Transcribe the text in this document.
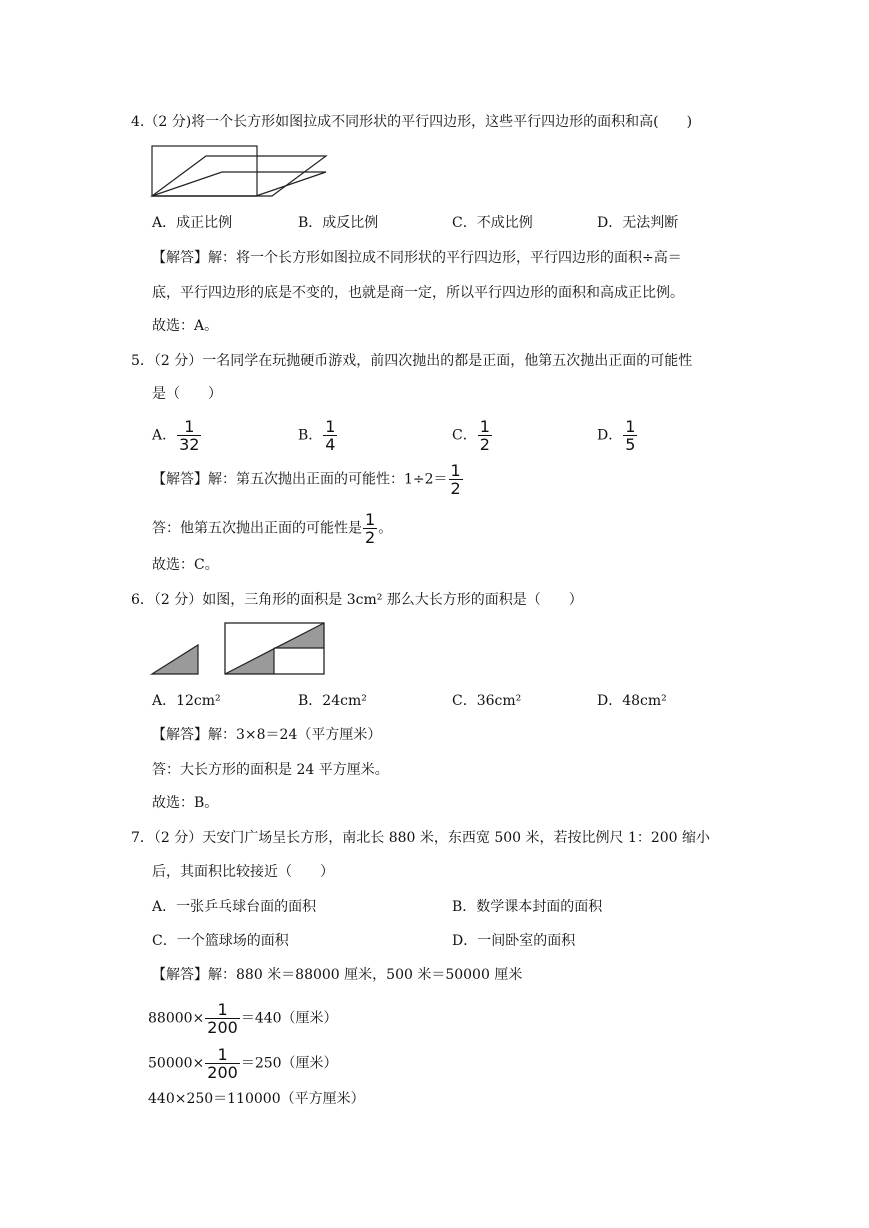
4.（2 分)将一个长方形如图拉成不同形状的平行四边形，这些平行四边形的面积和高(　　)
A．成正比例	B．成反比例	C．不成比例	D．无法判断
【解答】解：将一个长方形如图拉成不同形状的平行四边形，平行四边形的面积÷高＝
底，平行四边形的底是不变的，也就是商一定，所以平行四边形的面积和高成正比例。
故选：A。
5．（2 分）一名同学在玩抛硬币游戏，前四次抛出的都是正面，他第五次抛出正面的可能性
是（　　）
A． $\frac{1}{32}$	B． $\frac{1}{4}$	C． $\frac{1}{2}$	D． $\frac{1}{5}$
【解答】解：第五次抛出正面的可能性：$1\div 2= \frac{1}{2}$
答：他第五次抛出正面的可能性是 $\frac{1}{2}$ 。
故选：C。
6．（2 分）如图，三角形的面积是 3cm² 那么大长方形的面积是（　　）
A．12cm²	B．24cm²	C．36cm²	D．48cm²
【解答】解：3×8＝24（平方厘米）
答：大长方形的面积是 24 平方厘米。
故选：B。
7．（2 分）天安门广场呈长方形，南北长 880 米，东西宽 500 米，若按比例尺 1：200 缩小
后，其面积比较接近（　　）
A．一张乒乓球台面的面积	B．数学课本封面的面积
C．一个篮球场的面积	D．一间卧室的面积
【解答】解：880 米＝88000 厘米，500 米＝50000 厘米
$88000\times \frac{1}{200} =440$（厘米）
$50000\times \frac{1}{200} =250$（厘米）
440×250＝110000（平方厘米）
